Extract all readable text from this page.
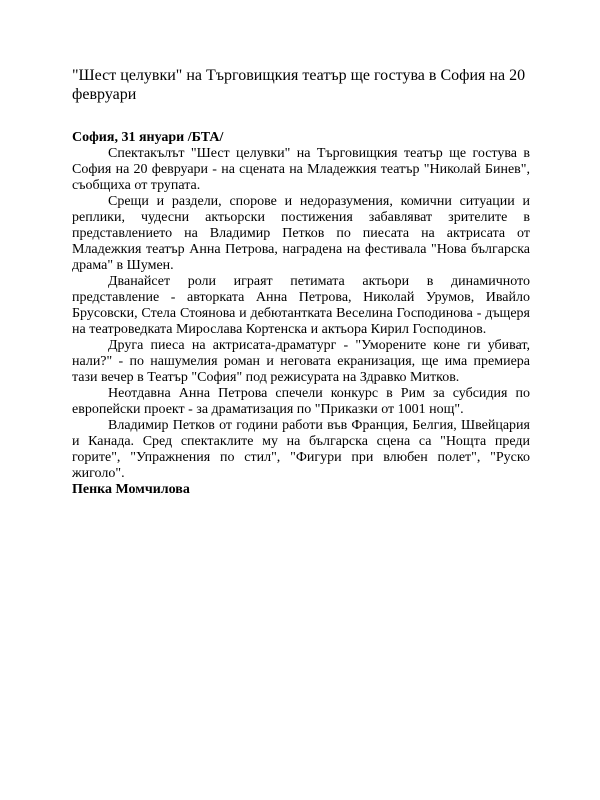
"Шест целувки" на Търговищкия театър ще гостува в София на 20 февруари

София, 31 януари /БТА/

Спектакълът "Шест целувки" на Търговищкия театър ще гостува в София на 20 февруари - на сцената на Младежкия театър "Николай Бинев", съобщиха от трупата.

Срещи и раздели, спорове и недоразумения, комични ситуации и реплики, чудесни актьорски постижения забавляват зрителите в представлението на Владимир Петков по пиесата на актрисата от Младежкия театър Анна Петрова, наградена на фестивала "Нова българска драма" в Шумен.

Дванайсет роли играят петимата актьори в динамичното представление - авторката Анна Петрова, Николай Урумов, Ивайло Брусовски, Стела Стоянова и дебютантката Веселина Господинова - дъщеря на театроведката Мирослава Кортенска и актьора Кирил Господинов.

Друга пиеса на актрисата-драматург - "Уморените коне ги убиват, нали?" - по нашумелия роман и неговата екранизация, ще има премиера тази вечер в Театър "София" под режисурата на Здравко Митков.

Неотдавна Анна Петрова спечели конкурс в Рим за субсидия по европейски проект - за драматизация по "Приказки от 1001 нощ".

Владимир Петков от години работи във Франция, Белгия, Швейцария и Канада. Сред спектаклите му на българска сцена са "Нощта преди горите", "Упражнения по стил", "Фигури при влюбен полет", "Руско жиголо".

Пенка Момчилова
